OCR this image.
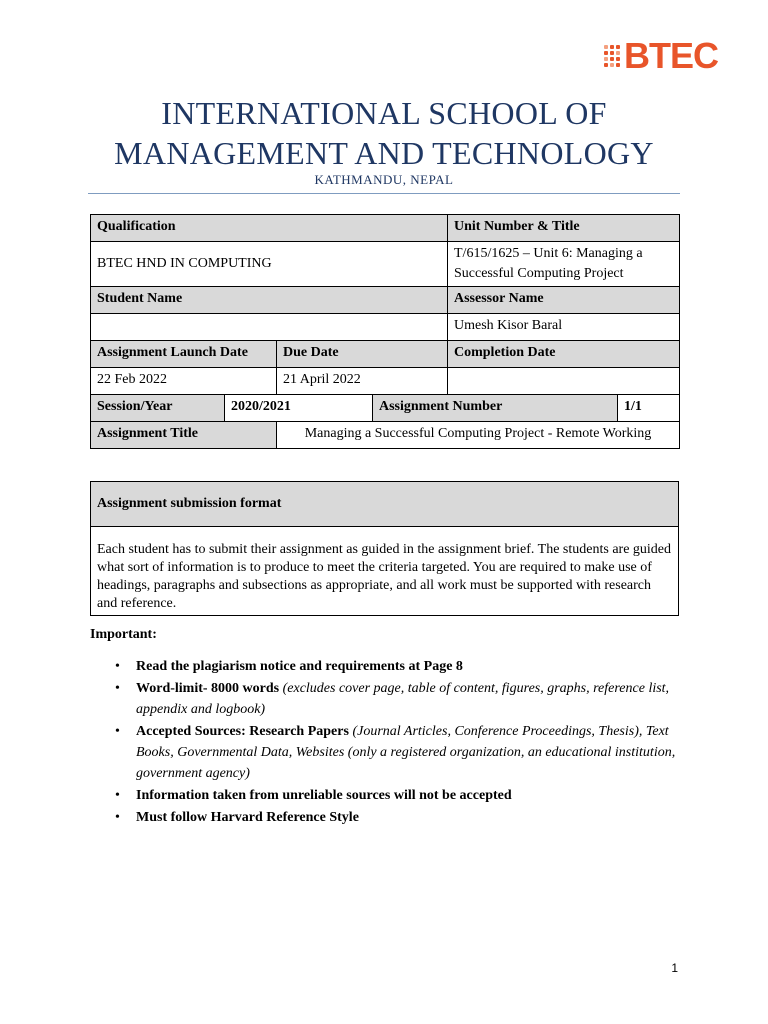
BTEC
INTERNATIONAL SCHOOL OF
MANAGEMENT AND TECHNOLOGY
KATHMANDU, NEPAL
Qualification				Unit Number & Title	
BTEC HND IN COMPUTING				T/615/1625 – Unit 6: Managing a Successful Computing Project	
Student Name				Assessor Name	
				Umesh Kisor Baral	
Assignment Launch Date		Due Date		Completion Date	
22 Feb 2022		21 April 2022			
Session/Year	2020/2021		Assignment Number		1/1
Assignment Title		Managing a Successful Computing Project - Remote Working			
Assignment submission format
Each student has to submit their assignment as guided in the assignment brief. The students are guided what sort of information is to produce to meet the criteria targeted. You are required to make use of headings, paragraphs and subsections as appropriate, and all work must be supported with research and reference.
Important:
• Read the plagiarism notice and requirements at Page 8
• Word-limit- 8000 words (excludes cover page, table of content, figures, graphs, reference list, appendix and logbook)
• Accepted Sources: Research Papers (Journal Articles, Conference Proceedings, Thesis), Text Books, Governmental Data, Websites (only a registered organization, an educational institution, government agency)
• Information taken from unreliable sources will not be accepted
• Must follow Harvard Reference Style
1
